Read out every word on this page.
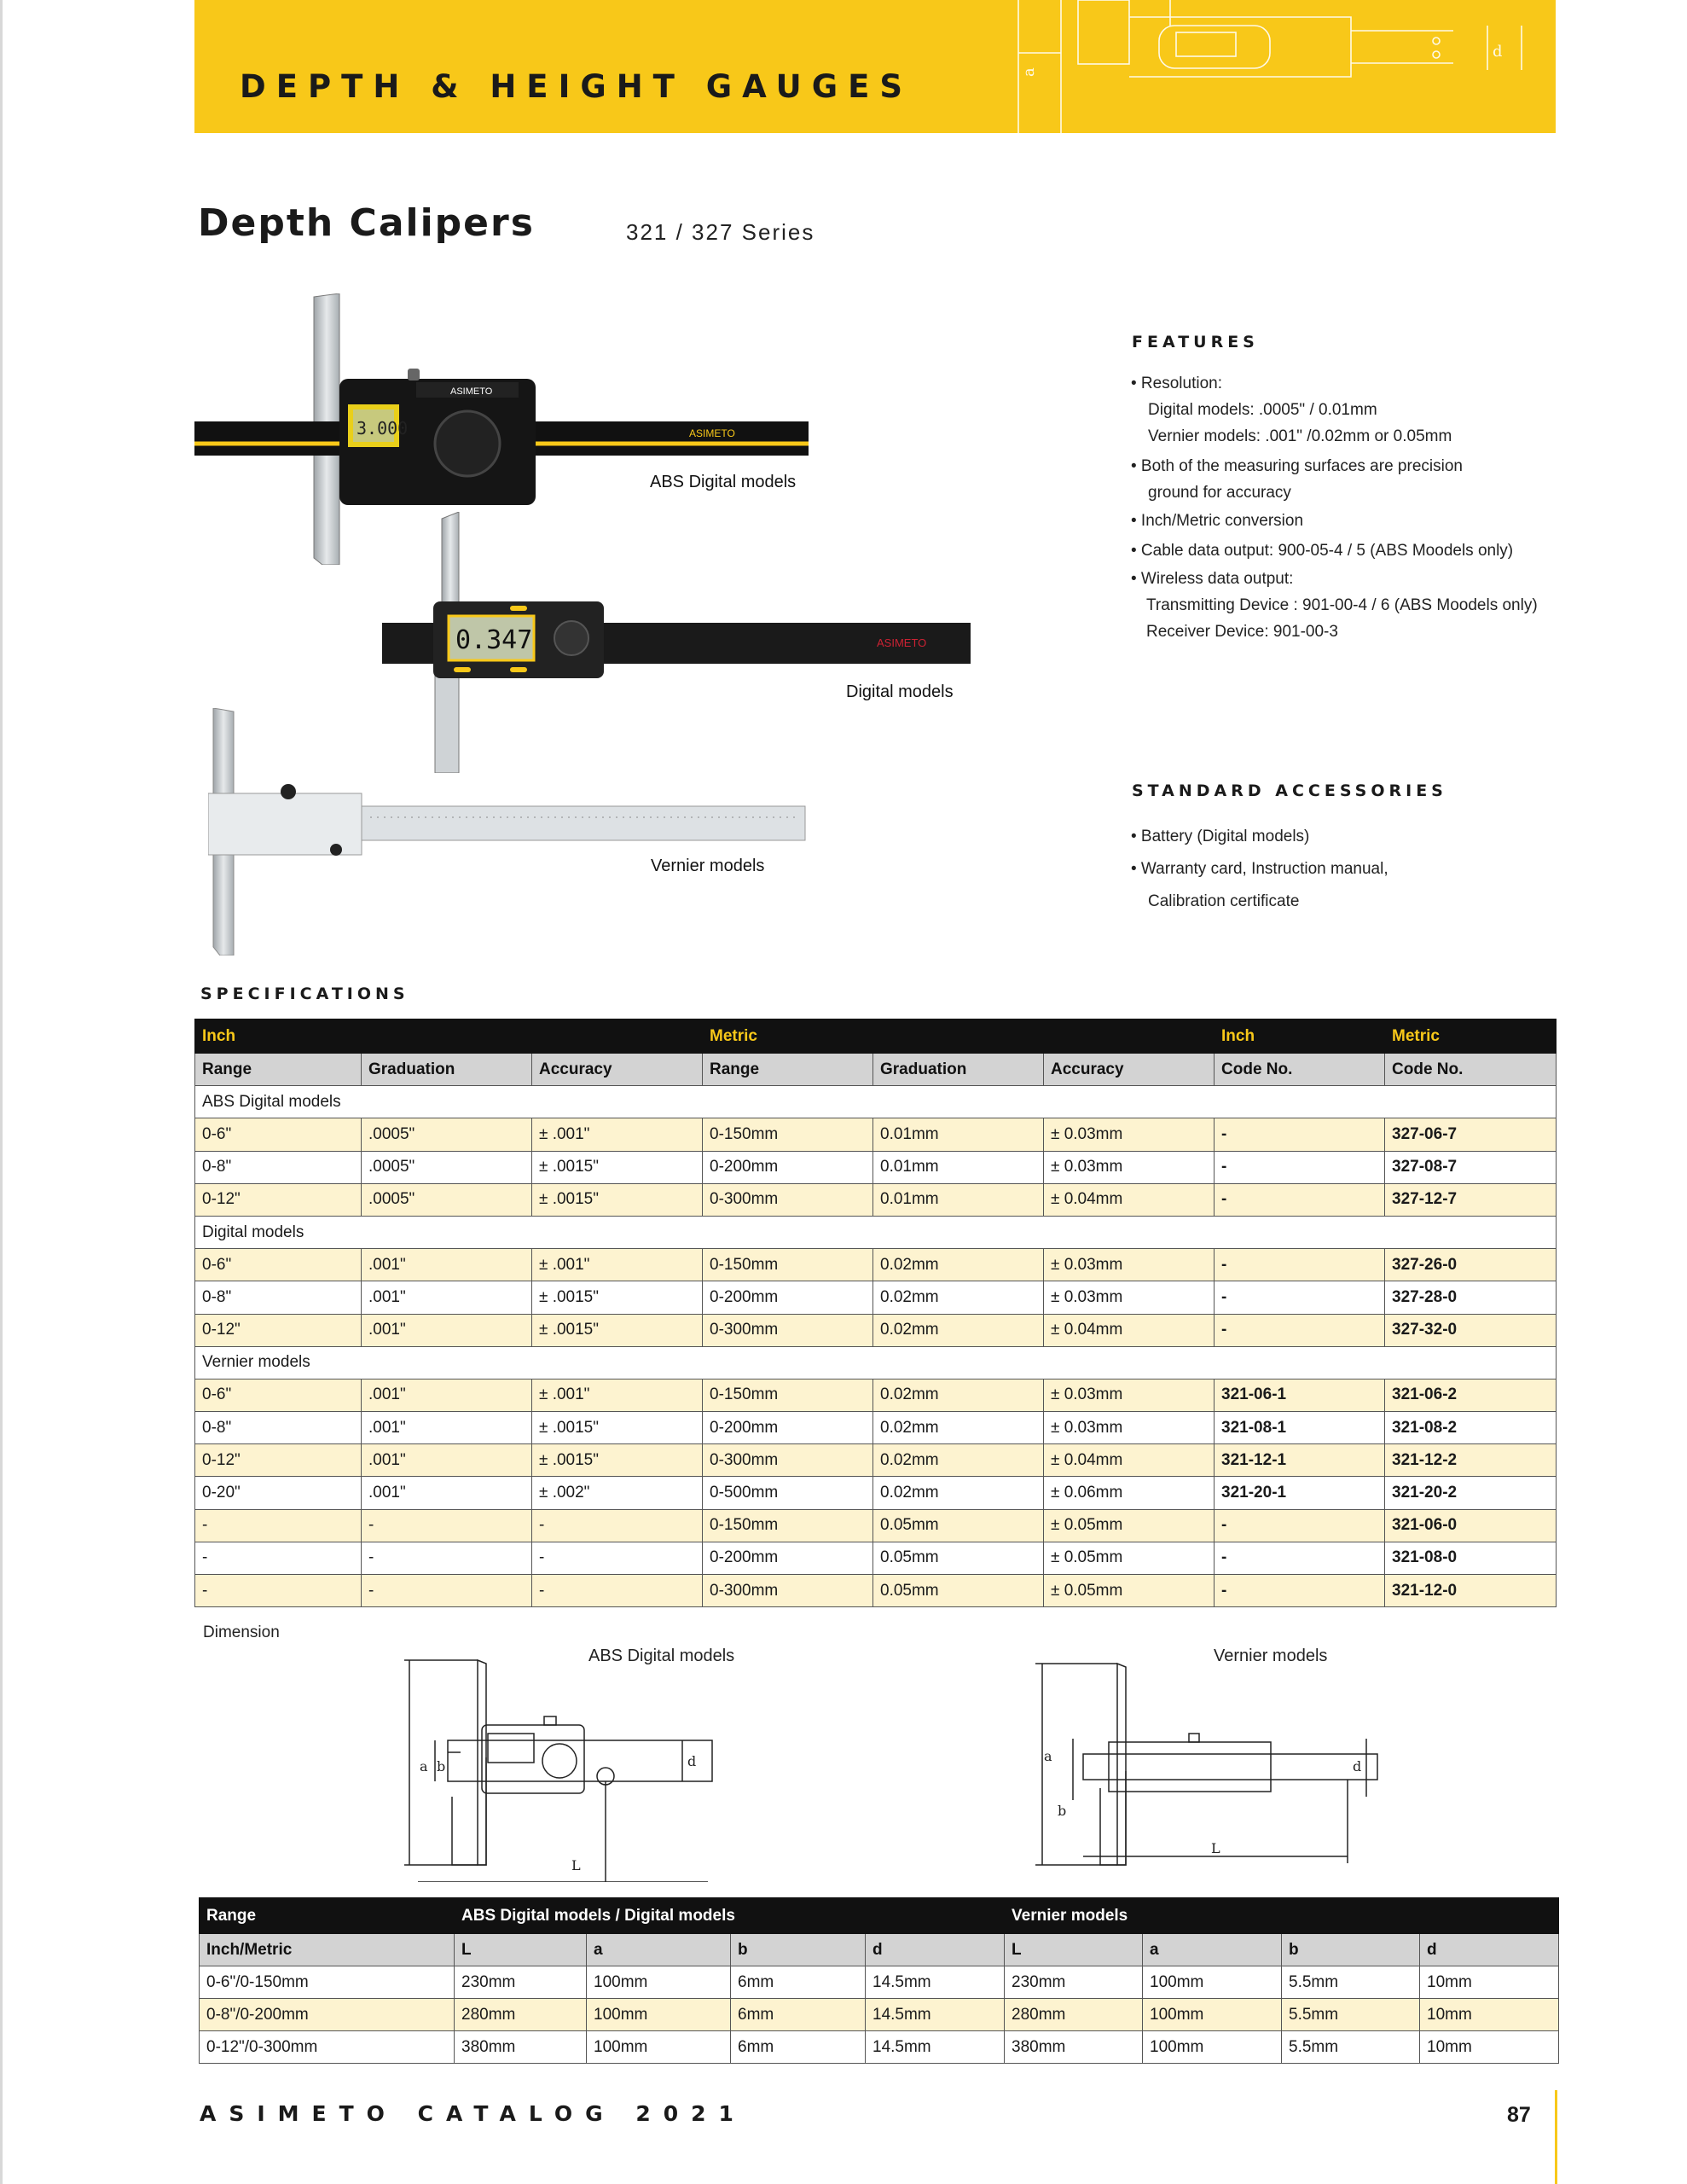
DEPTH & HEIGHT GAUGES	a
d
Depth Calipers	321 / 327 Series
3.000
ASIMETO
ASIMETO
ABS Digital models
0.347	ASIMETO
Digital models
Vernier models
FEATURES
• Resolution:
Digital models: .0005" / 0.01mm
Vernier models: .001" /0.02mm or 0.05mm
• Both of the measuring surfaces are precision
ground for accuracy
• Inch/Metric conversion
• Cable data output: 900-05-4 / 5 (ABS Moodels only)
• Wireless data output:
Transmitting Device : 901-00-4 / 6 (ABS Moodels only)
Receiver Device: 901-00-3
STANDARD ACCESSORIES
• Battery (Digital models)
• Warranty card, Instruction manual,
Calibration certificate
SPECIFICATIONS
Inch			Metric			Inch	Metric
Range	Graduation	Accuracy	Range	Graduation	Accuracy	Code No.	Code No.
ABS Digital models							
0-6"	.0005"	± .001"	0-150mm	0.01mm	± 0.03mm	-	327-06-7
0-8"	.0005"	± .0015"	0-200mm	0.01mm	± 0.03mm	-	327-08-7
0-12"	.0005"	± .0015"	0-300mm	0.01mm	± 0.04mm	-	327-12-7
Digital models							
0-6"	.001"	± .001"	0-150mm	0.02mm	± 0.03mm	-	327-26-0
0-8"	.001"	± .0015"	0-200mm	0.02mm	± 0.03mm	-	327-28-0
0-12"	.001"	± .0015"	0-300mm	0.02mm	± 0.04mm	-	327-32-0
Vernier models							
0-6"	.001"	± .001"	0-150mm	0.02mm	± 0.03mm	321-06-1	321-06-2
0-8"	.001"	± .0015"	0-200mm	0.02mm	± 0.03mm	321-08-1	321-08-2
0-12"	.001"	± .0015"	0-300mm	0.02mm	± 0.04mm	321-12-1	321-12-2
0-20"	.001"	± .002"	0-500mm	0.02mm	± 0.06mm	321-20-1	321-20-2
-	-	-	0-150mm	0.05mm	± 0.05mm	-	321-06-0
-	-	-	0-200mm	0.05mm	± 0.05mm	-	321-08-0
-	-	-	0-300mm	0.05mm	± 0.05mm	-	321-12-0
Dimension
ABS Digital models	Vernier models
a b	d
L
a
b
d
L
Range	ABS Digital models / Digital models				Vernier models			
Inch/Metric	L	a	b	d	L	a	b	d
0-6"/0-150mm	230mm	100mm	6mm	14.5mm	230mm	100mm	5.5mm	10mm
0-8"/0-200mm	280mm	100mm	6mm	14.5mm	280mm	100mm	5.5mm	10mm
0-12"/0-300mm	380mm	100mm	6mm	14.5mm	380mm	100mm	5.5mm	10mm
ASIMETO CATALOG 2021	87
